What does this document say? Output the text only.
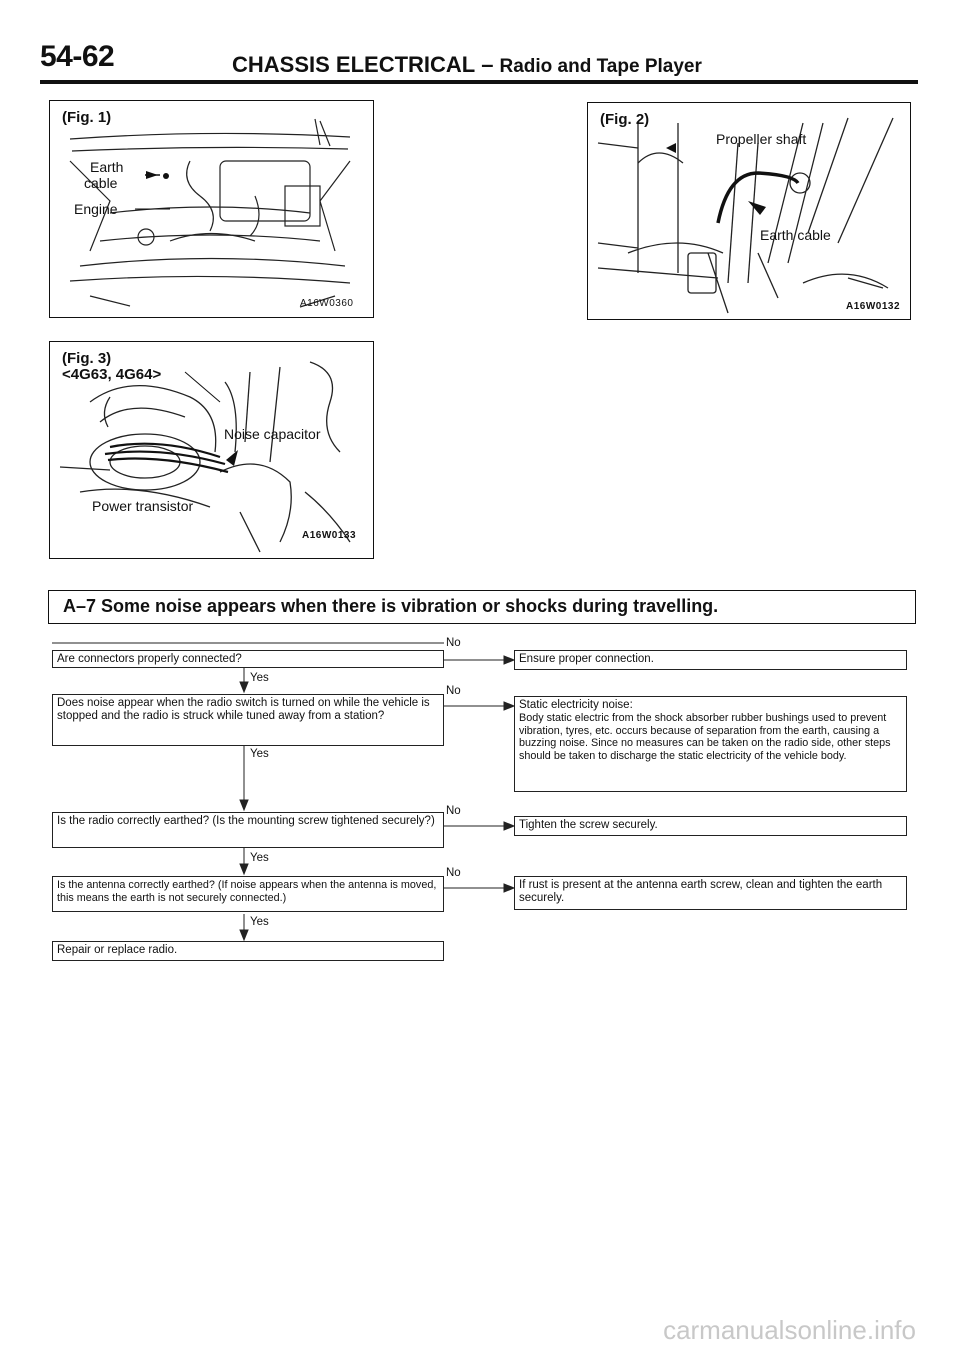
54-62	CHASSIS ELECTRICAL – Radio and Tape Player
(Fig. 1)
Earth
cable
Engine
A16W0360
(Fig. 2)
Propeller shaft
Earth cable
A16W0132
(Fig. 3)
<4G63, 4G64>
Noise capacitor
Power transistor
A16W0133
A–7 Some noise appears when there is vibration or shocks during travelling.
Are connectors properly connected?
No
Ensure proper connection.
Yes
Does noise appear when the radio switch is turned on while the vehicle is stopped and the radio is struck while tuned away from a station?
No
Static electricity noise:
Body static electric from the shock absorber rubber bushings used to prevent vibration, tyres, etc. occurs because of separation from the earth, causing a buzzing noise. Since no measures can be taken on the radio side, other steps should be taken to discharge the static electricity of the vehicle body.
Yes
Is the radio correctly earthed? (Is the mounting screw tightened securely?)
No
Tighten the screw securely.
Yes
Is the antenna correctly earthed? (If noise appears when the antenna is moved, this means the earth is not securely connected.)
No
If rust is present at the antenna earth screw, clean and tighten the earth securely.
Yes
Repair or replace radio.
carmanualsonline.info
